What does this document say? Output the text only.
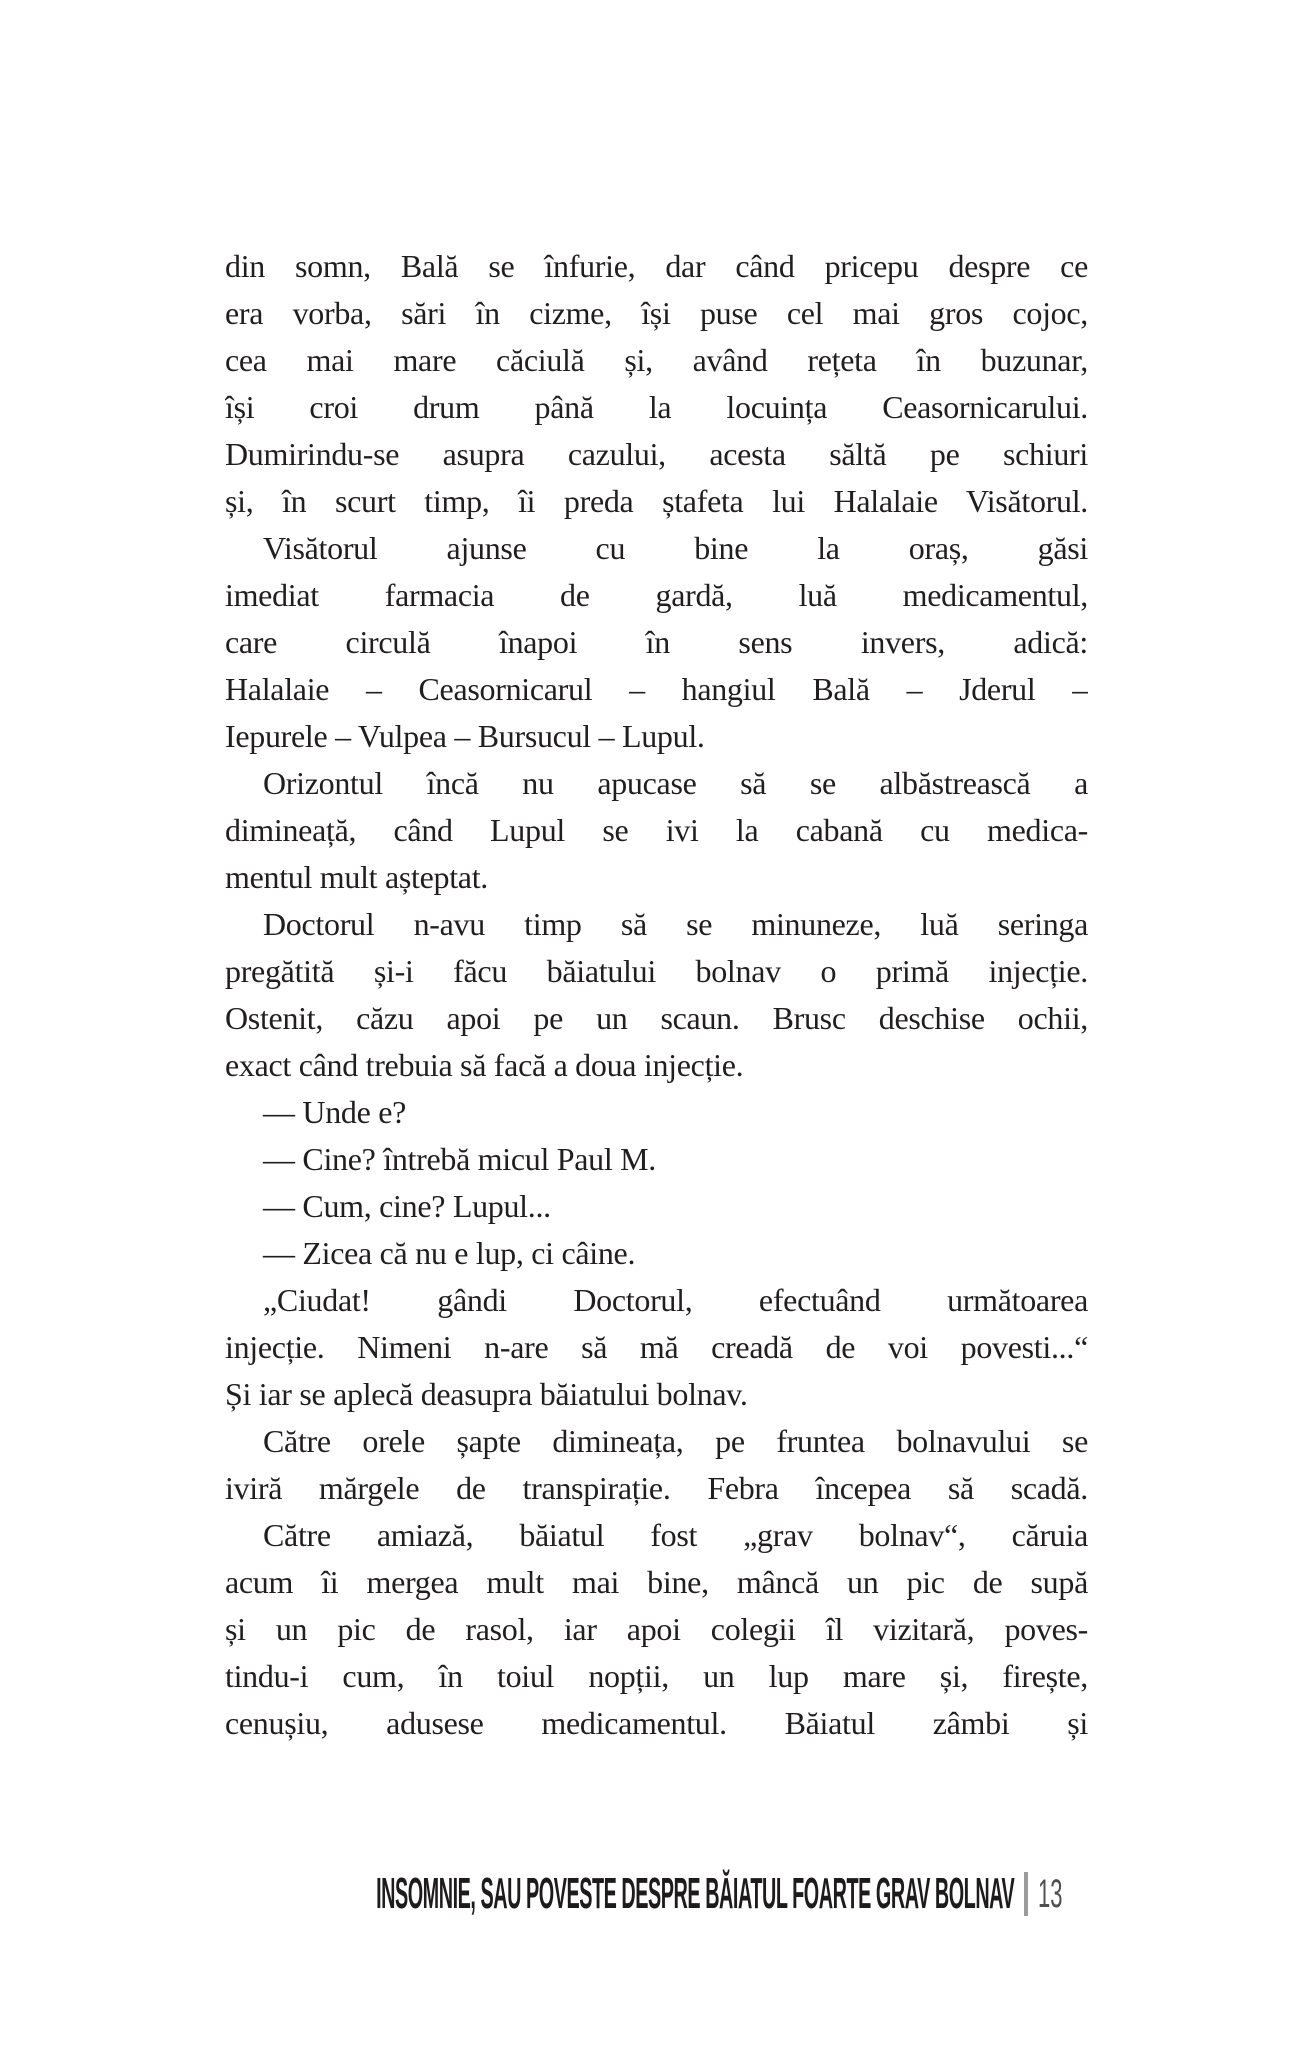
din somn, Bală se înfurie, dar când pricepu despre ce
era vorba, sări în cizme, își puse cel mai gros cojoc,
cea mai mare căciulă și, având rețeta în buzunar,
își croi drum până la locuința Ceasornicarului.
Dumirindu-se asupra cazului, acesta săltă pe schiuri
și, în scurt timp, îi preda ștafeta lui Halalaie Visătorul.
Visătorul ajunse cu bine la oraș, găsi
imediat farmacia de gardă, luă medicamentul,
care circulă înapoi în sens invers, adică:
Halalaie – Ceasornicarul – hangiul Bală – Jderul –
Iepurele – Vulpea – Bursucul – Lupul.
Orizontul încă nu apucase să se albăstrească a
dimineață, când Lupul se ivi la cabană cu medica-
mentul mult așteptat.
Doctorul n-avu timp să se minuneze, luă seringa
pregătită și-i făcu băiatului bolnav o primă injecție.
Ostenit, căzu apoi pe un scaun. Brusc deschise ochii,
exact când trebuia să facă a doua injecție.
— Unde e?
— Cine? întrebă micul Paul M.
— Cum, cine? Lupul...
— Zicea că nu e lup, ci câine.
„Ciudat! gândi Doctorul, efectuând următoarea
injecție. Nimeni n-are să mă creadă de voi povesti...“
Și iar se aplecă deasupra băiatului bolnav.
Către orele șapte dimineața, pe fruntea bolnavului se
iviră mărgele de transpirație. Febra începea să scadă.
Către amiază, băiatul fost „grav bolnav“, căruia
acum îi mergea mult mai bine, mâncă un pic de supă
și un pic de rasol, iar apoi colegii îl vizitară, poves-
tindu-i cum, în toiul nopții, un lup mare și, firește,
cenușiu, adusese medicamentul. Băiatul zâmbi și
INSOMNIE, SAU POVESTE DESPRE BĂIATUL FOARTE GRAV BOLNAV 13
